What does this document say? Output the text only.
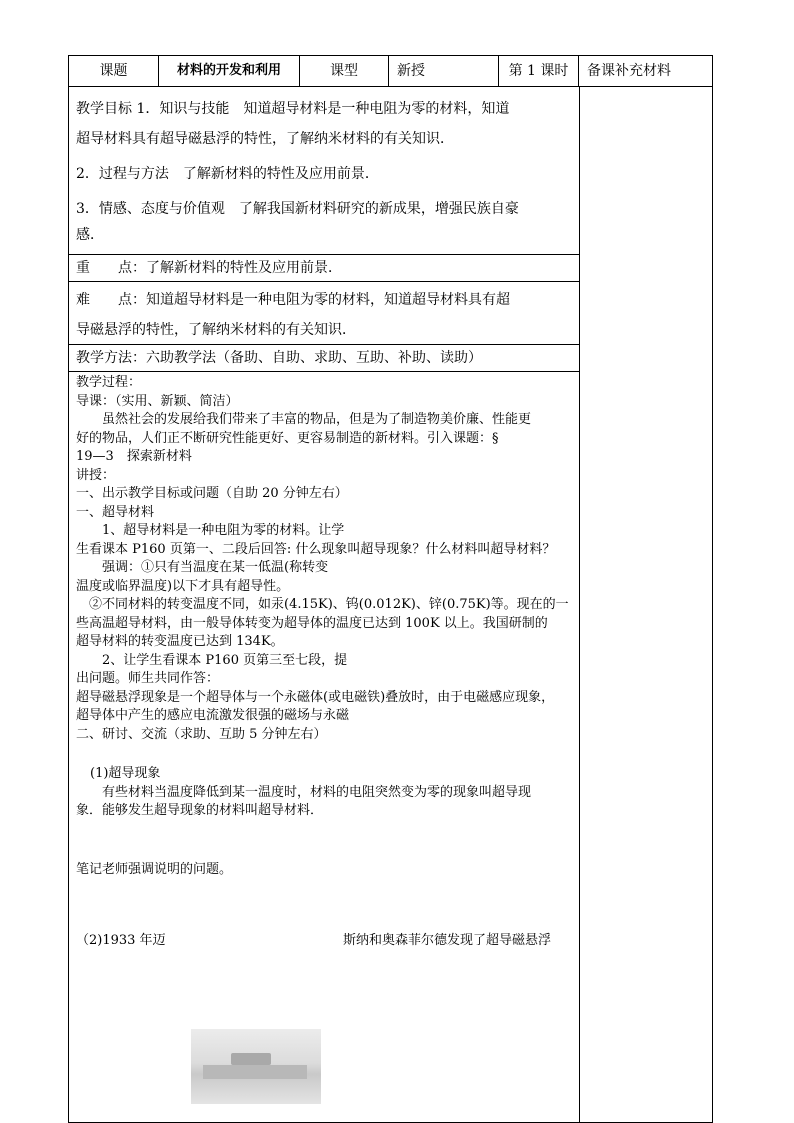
课题	材料的开发和利用	课型	新授	第 1 课时	备课补充材料

教学目标 1．知识与技能　知道超导材料是一种电阻为零的材料，知道

超导材料具有超导磁悬浮的特性，了解纳米材料的有关知识．

2．过程与方法　了解新材料的特性及应用前景．

3．情感、态度与价值观　了解我国新材料研究的新成果，增强民族自豪

感．

重　　点：了解新材料的特性及应用前景．

难　　点：知道超导材料是一种电阻为零的材料，知道超导材料具有超

导磁悬浮的特性，了解纳米材料的有关知识．

教学方法：六助教学法（备助、自助、求助、互助、补助、读助）

教学过程：

导课：（实用、新颖、简洁）

　　虽然社会的发展给我们带来了丰富的物品，但是为了制造物美价廉、性能更

好的物品，人们正不断研究性能更好、更容易制造的新材料。引入课题：§

19—3　探索新材料

讲授：

一、出示教学目标或问题（自助 20 分钟左右）

一、超导材料

　　1、超导材料是一种电阻为零的材料。让学

生看课本 P160 页第一、二段后回答: 什么现象叫超导现象？什么材料叫超导材料？

　　强调：①只有当温度在某一低温(称转变

温度或临界温度)以下才具有超导性。

　②不同材料的转变温度不同，如汞(4.15K)、钨(0.012K)、锌(0.75K)等。现在的一

些高温超导材料，由一般导体转变为超导体的温度已达到 100K 以上。我国研制的

超导材料的转变温度已达到 134K。

　　2、让学生看课本 P160 页第三至七段，提

出问题。师生共同作答：

超导磁悬浮现象是一个超导体与一个永磁体(或电磁铁)叠放时，由于电磁感应现象，

超导体中产生的感应电流激发很强的磁场与永磁

二、研讨、交流（求助、互助 5 分钟左右）

(1)超导现象

　　有些材料当温度降低到某一温度时，材料的电阻突然变为零的现象叫超导现

象．能够发生超导现象的材料叫超导材料．

笔记老师强调说明的问题。

（2)1933 年迈	斯纳和奥森菲尔德发现了超导磁悬浮
